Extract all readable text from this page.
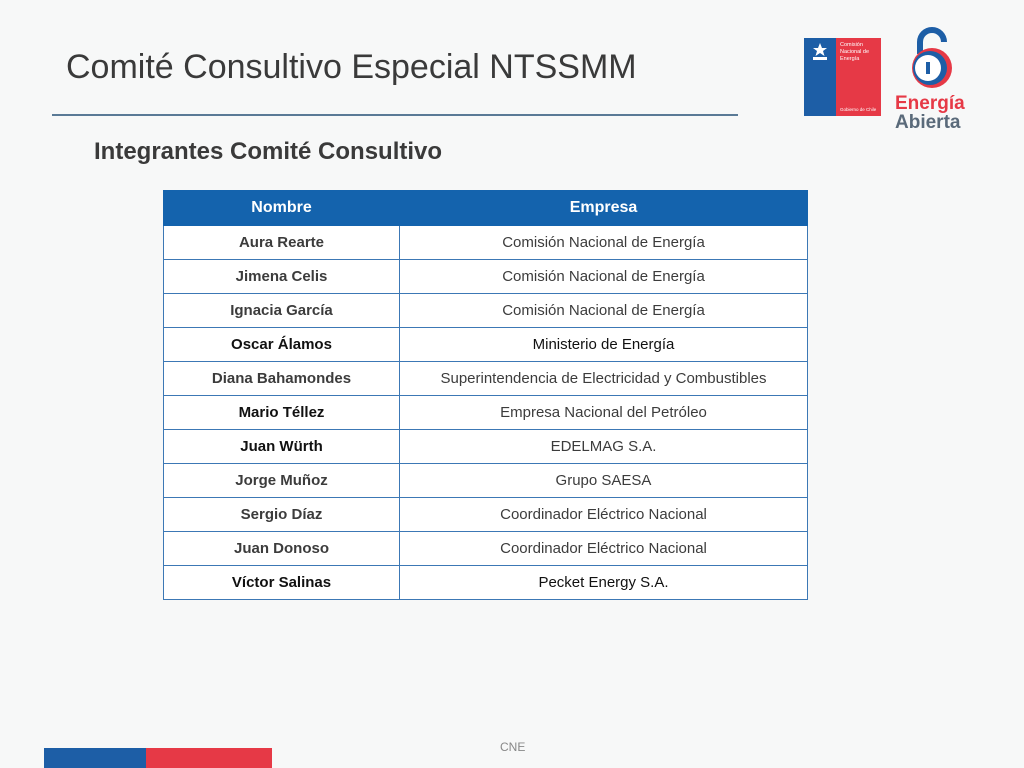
Comité Consultivo Especial NTSSMM
Comisión
Nacional de
Energía
Gobierno de Chile Energía
Abierta
Integrantes Comité Consultivo
Nombre	Empresa
Aura Rearte	Comisión Nacional de Energía
Jimena Celis	Comisión Nacional de Energía
Ignacia García	Comisión Nacional de Energía
Oscar Álamos	Ministerio de Energía
Diana Bahamondes	Superintendencia de Electricidad y Combustibles
Mario Téllez	Empresa Nacional del Petróleo
Juan Würth	EDELMAG S.A.
Jorge Muñoz	Grupo SAESA
Sergio Díaz	Coordinador Eléctrico Nacional
Juan Donoso	Coordinador Eléctrico Nacional
Víctor Salinas	Pecket Energy S.A.
CNE
